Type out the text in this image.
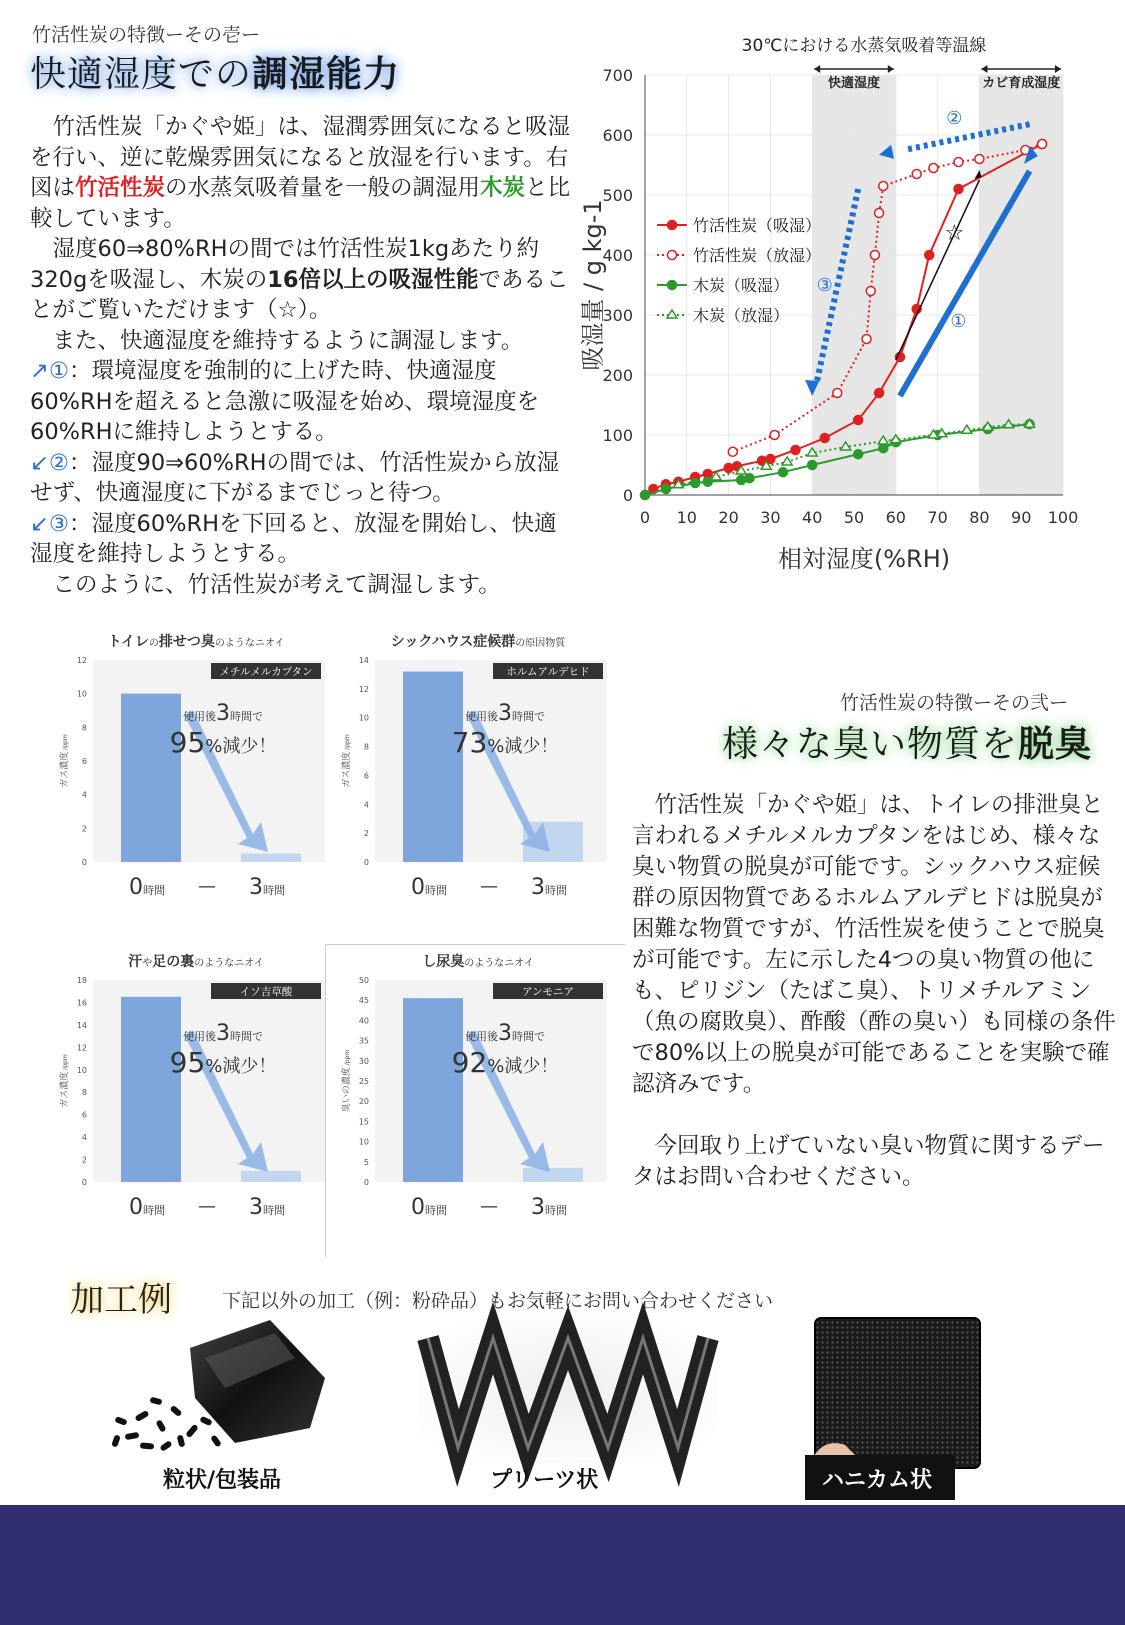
竹活性炭の特徴ーその壱ー
快適湿度での調湿能力

竹活性炭「かぐや姫」は、湿潤雰囲気になると吸湿を行い、逆に乾燥雰囲気になると放湿を行います。右図は竹活性炭の水蒸気吸着量を一般の調湿用木炭と比較しています。

湿度60⇒80%RHの間では竹活性炭1kgあたり約320gを吸湿し、木炭の16倍以上の吸湿性能であることがご覧いただけます（☆）。

また、快適湿度を維持するように調湿します。

↗①：環境湿度を強制的に上げた時、快適湿度60%RHを超えると急激に吸湿を始め、環境湿度を60%RHに維持しようとする。

↙②：湿度90⇒60%RHの間では、竹活性炭から放湿せず、快適湿度に下がるまでじっと待つ。

↙③：湿度60%RHを下回ると、放湿を開始し、快適湿度を維持しようとする。

このように、竹活性炭が考えて調湿します。

快適湿度	カビ育成湿度
0 10 20 30 40 50 60 70 80 90 100
0
100
200
300
400
500
600
700
30℃における水蒸気吸着等温線
相対湿度(%RH)
吸湿量 / g kg-1	竹活性炭（吸湿）
竹活性炭（放湿）
木炭（吸湿）
木炭（放湿）	①
②
③
☆
トイレの排せつ臭のようなニオイ
メチルメルカプタン
0
2
4
6
8
10
12
ガス濃度 /ppm
使用後3時間で
95%減少！
0時間 — 3時間
シックハウス症候群の原因物質
ホルムアルデヒド
0
2
4
6
8
10
12
14
ガス濃度 /ppm
使用後3時間で
73%減少！
0時間 — 3時間
汗や足の裏のようなニオイ
イソ吉草酸
0
2
4
6
8
10
12
14
16
18
ガス濃度 /ppm
使用後3時間で
95%減少！
0時間 — 3時間
し尿臭のようなニオイ
アンモニア
0
5
10
15
20
25
30
35
40
45
50
臭いの濃度 /ppm
使用後3時間で
92%減少！
0時間 — 3時間
竹活性炭の特徴ーその弐ー
様々な臭い物質を脱臭

竹活性炭「かぐや姫」は、トイレの排泄臭と言われるメチルメルカプタンをはじめ、様々な臭い物質の脱臭が可能です。シックハウス症候群の原因物質であるホルムアルデヒドは脱臭が困難な物質ですが、竹活性炭を使うことで脱臭が可能です。左に示した4つの臭い物質の他にも、ピリジン（たばこ臭）、トリメチルアミン（魚の腐敗臭）、酢酸（酢の臭い）も同様の条件で80%以上の脱臭が可能であることを実験で確認済みです。

今回取り上げていない臭い物質に関するデータはお問い合わせください。

加工例	下記以外の加工（例：粉砕品）もお気軽にお問い合わせください
粒状/包装品	プリーツ状	ハニカム状
